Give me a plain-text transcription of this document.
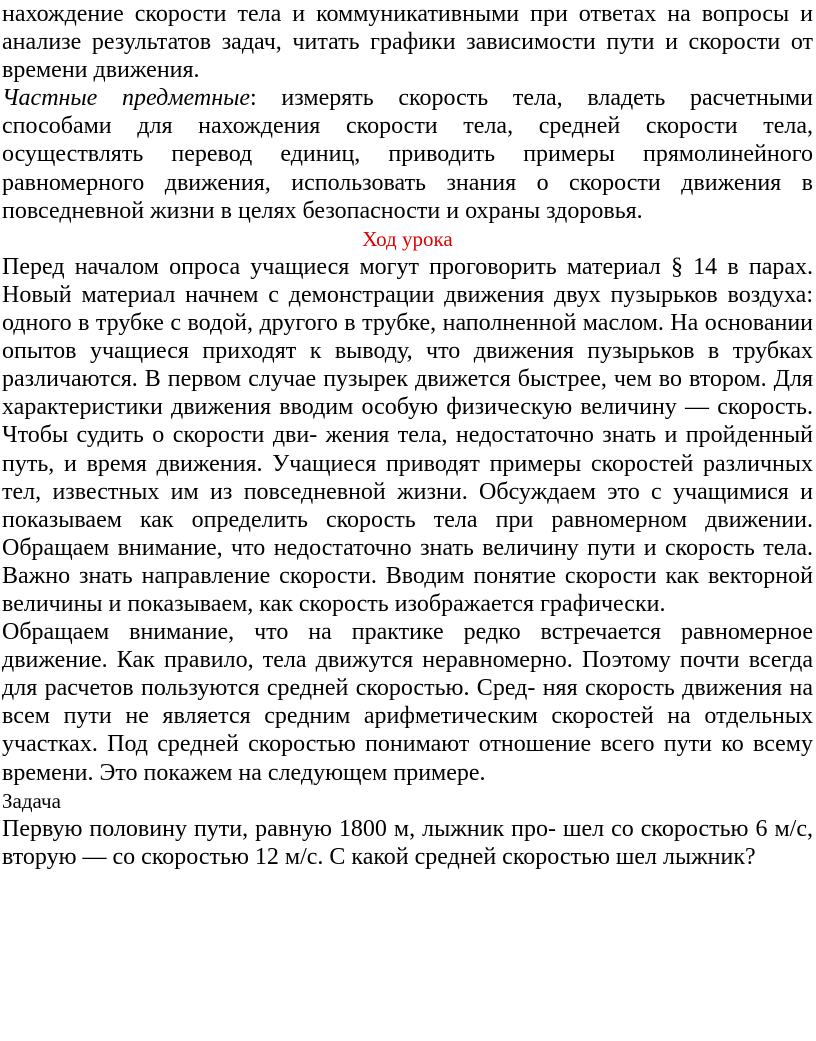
нахождение скорости тела и коммуникативными при ответах на вопросы и анализе результатов задач, читать графики зависимости пути и скорости от времени движения.

Частные предметные: измерять скорость тела, владеть расчетными способами для нахождения скорости тела, средней скорости тела, осуществлять перевод единиц, приводить примеры прямолинейного равномерного движения, использовать знания о скорости движения в повседневной жизни в целях безопасности и охраны здоровья.

Ход урока

Перед началом опроса учащиеся могут проговорить материал § 14 в парах. Новый материал начнем с демонстрации движения двух пузырьков воздуха: одного в трубке с водой, другого в трубке, наполненной маслом. На основании опытов учащиеся приходят к выводу, что движения пузырьков в трубках различаются. В первом случае пузырек движется быстрее, чем во втором. Для характеристики движения вводим особую физическую величину — скорость. Чтобы судить о скорости дви- жения тела, недостаточно знать и пройденный путь, и время движения. Учащиеся приводят примеры скоростей различных тел, известных им из повседневной жизни. Обсуждаем это с учащимися и показываем как определить скорость тела при равномерном движении. Обращаем внимание, что недостаточно знать величину пути и скорость тела. Важно знать направление скорости. Вводим понятие скорости как векторной величины и показываем, как скорость изображается графически.

Обращаем внимание, что на практике редко встречается равномерное движение. Как правило, тела движутся неравномерно. Поэтому почти всегда для расчетов пользуются средней скоростью. Сред- няя скорость движения на всем пути не является средним арифметическим скоростей на отдельных участках. Под средней скоростью понимают отношение всего пути ко всему времени. Это покажем на следующем примере.

Задача

Первую половину пути, равную 1800 м, лыжник про- шел со скоростью 6 м/с, вторую — со скоростью 12 м/с. С какой средней скоростью шел лыжник?
